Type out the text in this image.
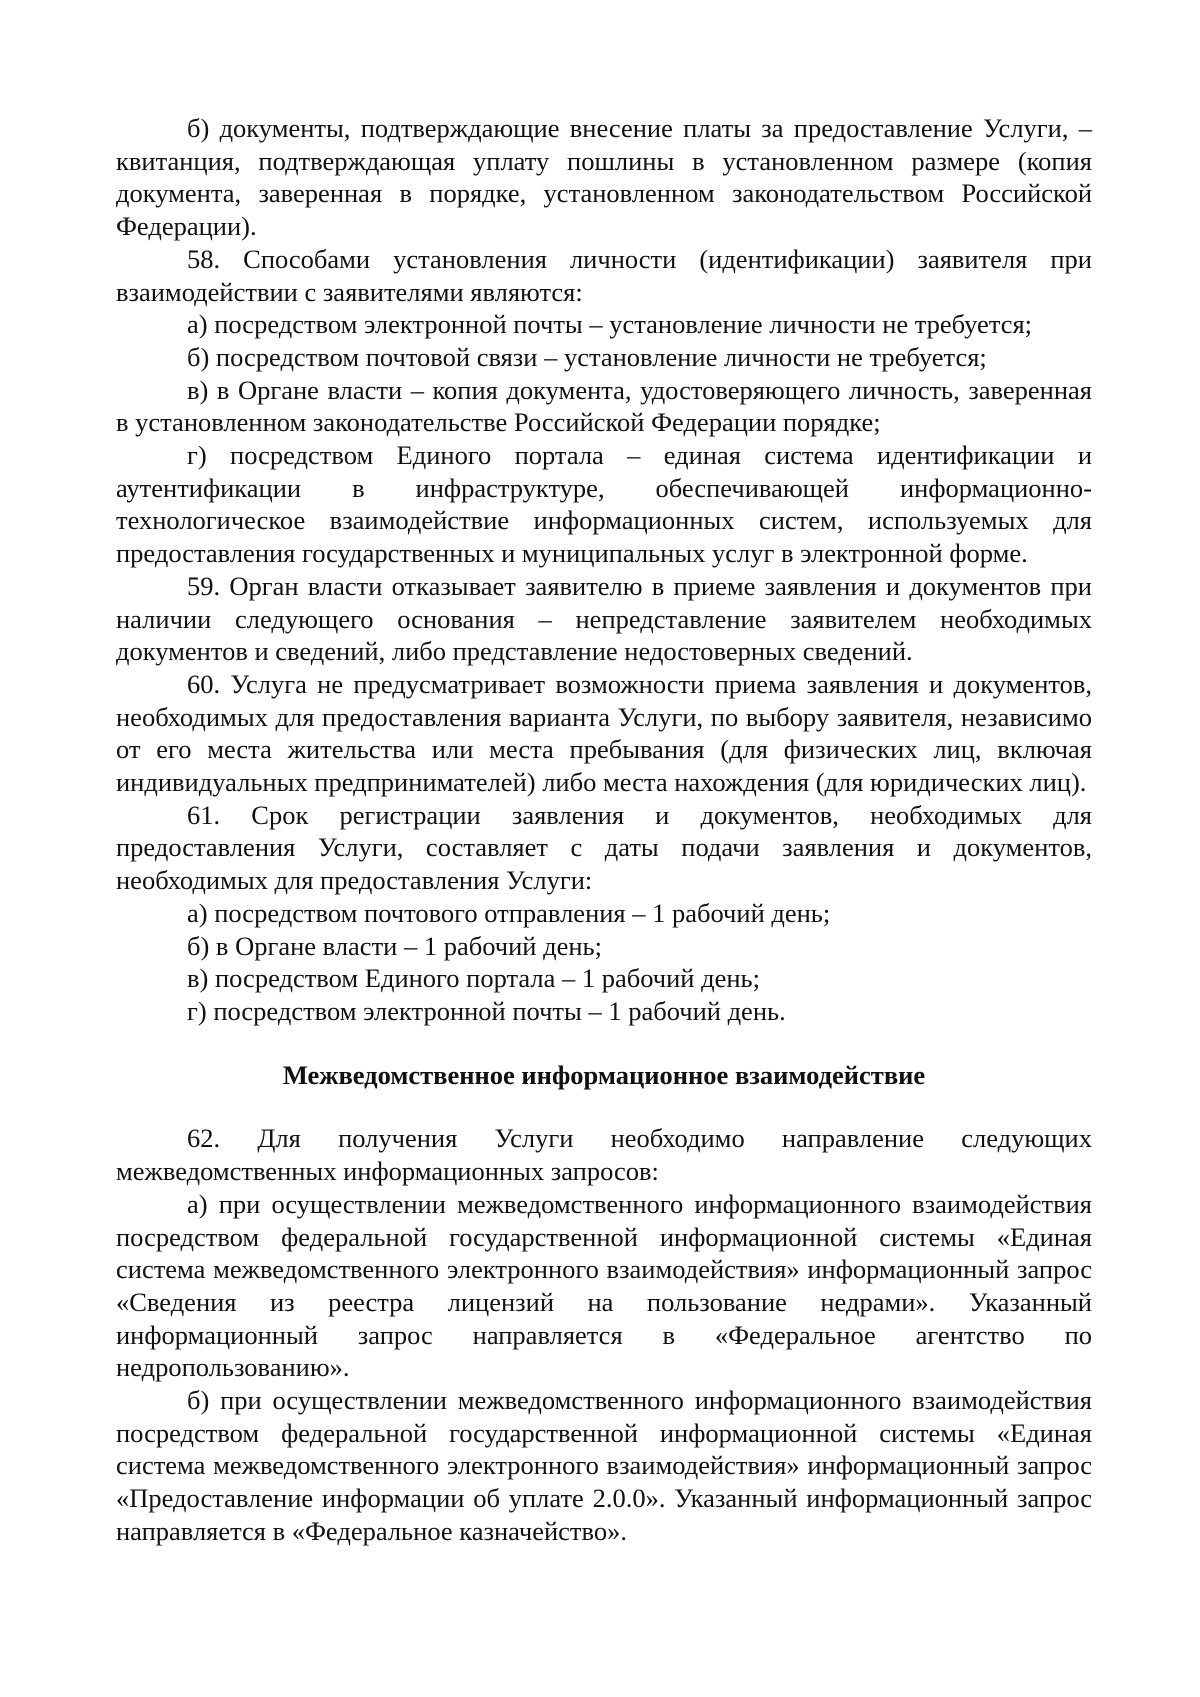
б) документы, подтверждающие внесение платы за предоставление Услуги, – квитанция, подтверждающая уплату пошлины в установленном размере (копия документа, заверенная в порядке, установленном законодательством Российской Федерации).

58. Способами установления личности (идентификации) заявителя при взаимодействии с заявителями являются:

а) посредством электронной почты – установление личности не требуется;

б) посредством почтовой связи – установление личности не требуется;

в) в Органе власти – копия документа, удостоверяющего личность, заверенная в установленном законодательстве Российской Федерации порядке;

г) посредством Единого портала – единая система идентификации и аутентификации в инфраструктуре, обеспечивающей информационно-технологическое взаимодействие информационных систем, используемых для предоставления государственных и муниципальных услуг в электронной форме.

59. Орган власти отказывает заявителю в приеме заявления и документов при наличии следующего основания – непредставление заявителем необходимых документов и сведений, либо представление недостоверных сведений.

60. Услуга не предусматривает возможности приема заявления и документов, необходимых для предоставления варианта Услуги, по выбору заявителя, независимо от его места жительства или места пребывания (для физических лиц, включая индивидуальных предпринимателей) либо места нахождения (для юридических лиц).

61. Срок регистрации заявления и документов, необходимых для предоставления Услуги, составляет с даты подачи заявления и документов, необходимых для предоставления Услуги:

а) посредством почтового отправления – 1 рабочий день;

б) в Органе власти – 1 рабочий день;

в) посредством Единого портала – 1 рабочий день;

г) посредством электронной почты – 1 рабочий день.

Межведомственное информационное взаимодействие

62. Для получения Услуги необходимо направление следующих межведомственных информационных запросов:

а) при осуществлении межведомственного информационного взаимодействия посредством федеральной государственной информационной системы «Единая система межведомственного электронного взаимодействия» информационный запрос «Сведения из реестра лицензий на пользование недрами». Указанный информационный запрос направляется в «Федеральное агентство по недропользованию».

б) при осуществлении межведомственного информационного взаимодействия посредством федеральной государственной информационной системы «Единая система межведомственного электронного взаимодействия» информационный запрос «Предоставление информации об уплате 2.0.0». Указанный информационный запрос направляется в «Федеральное казначейство».
